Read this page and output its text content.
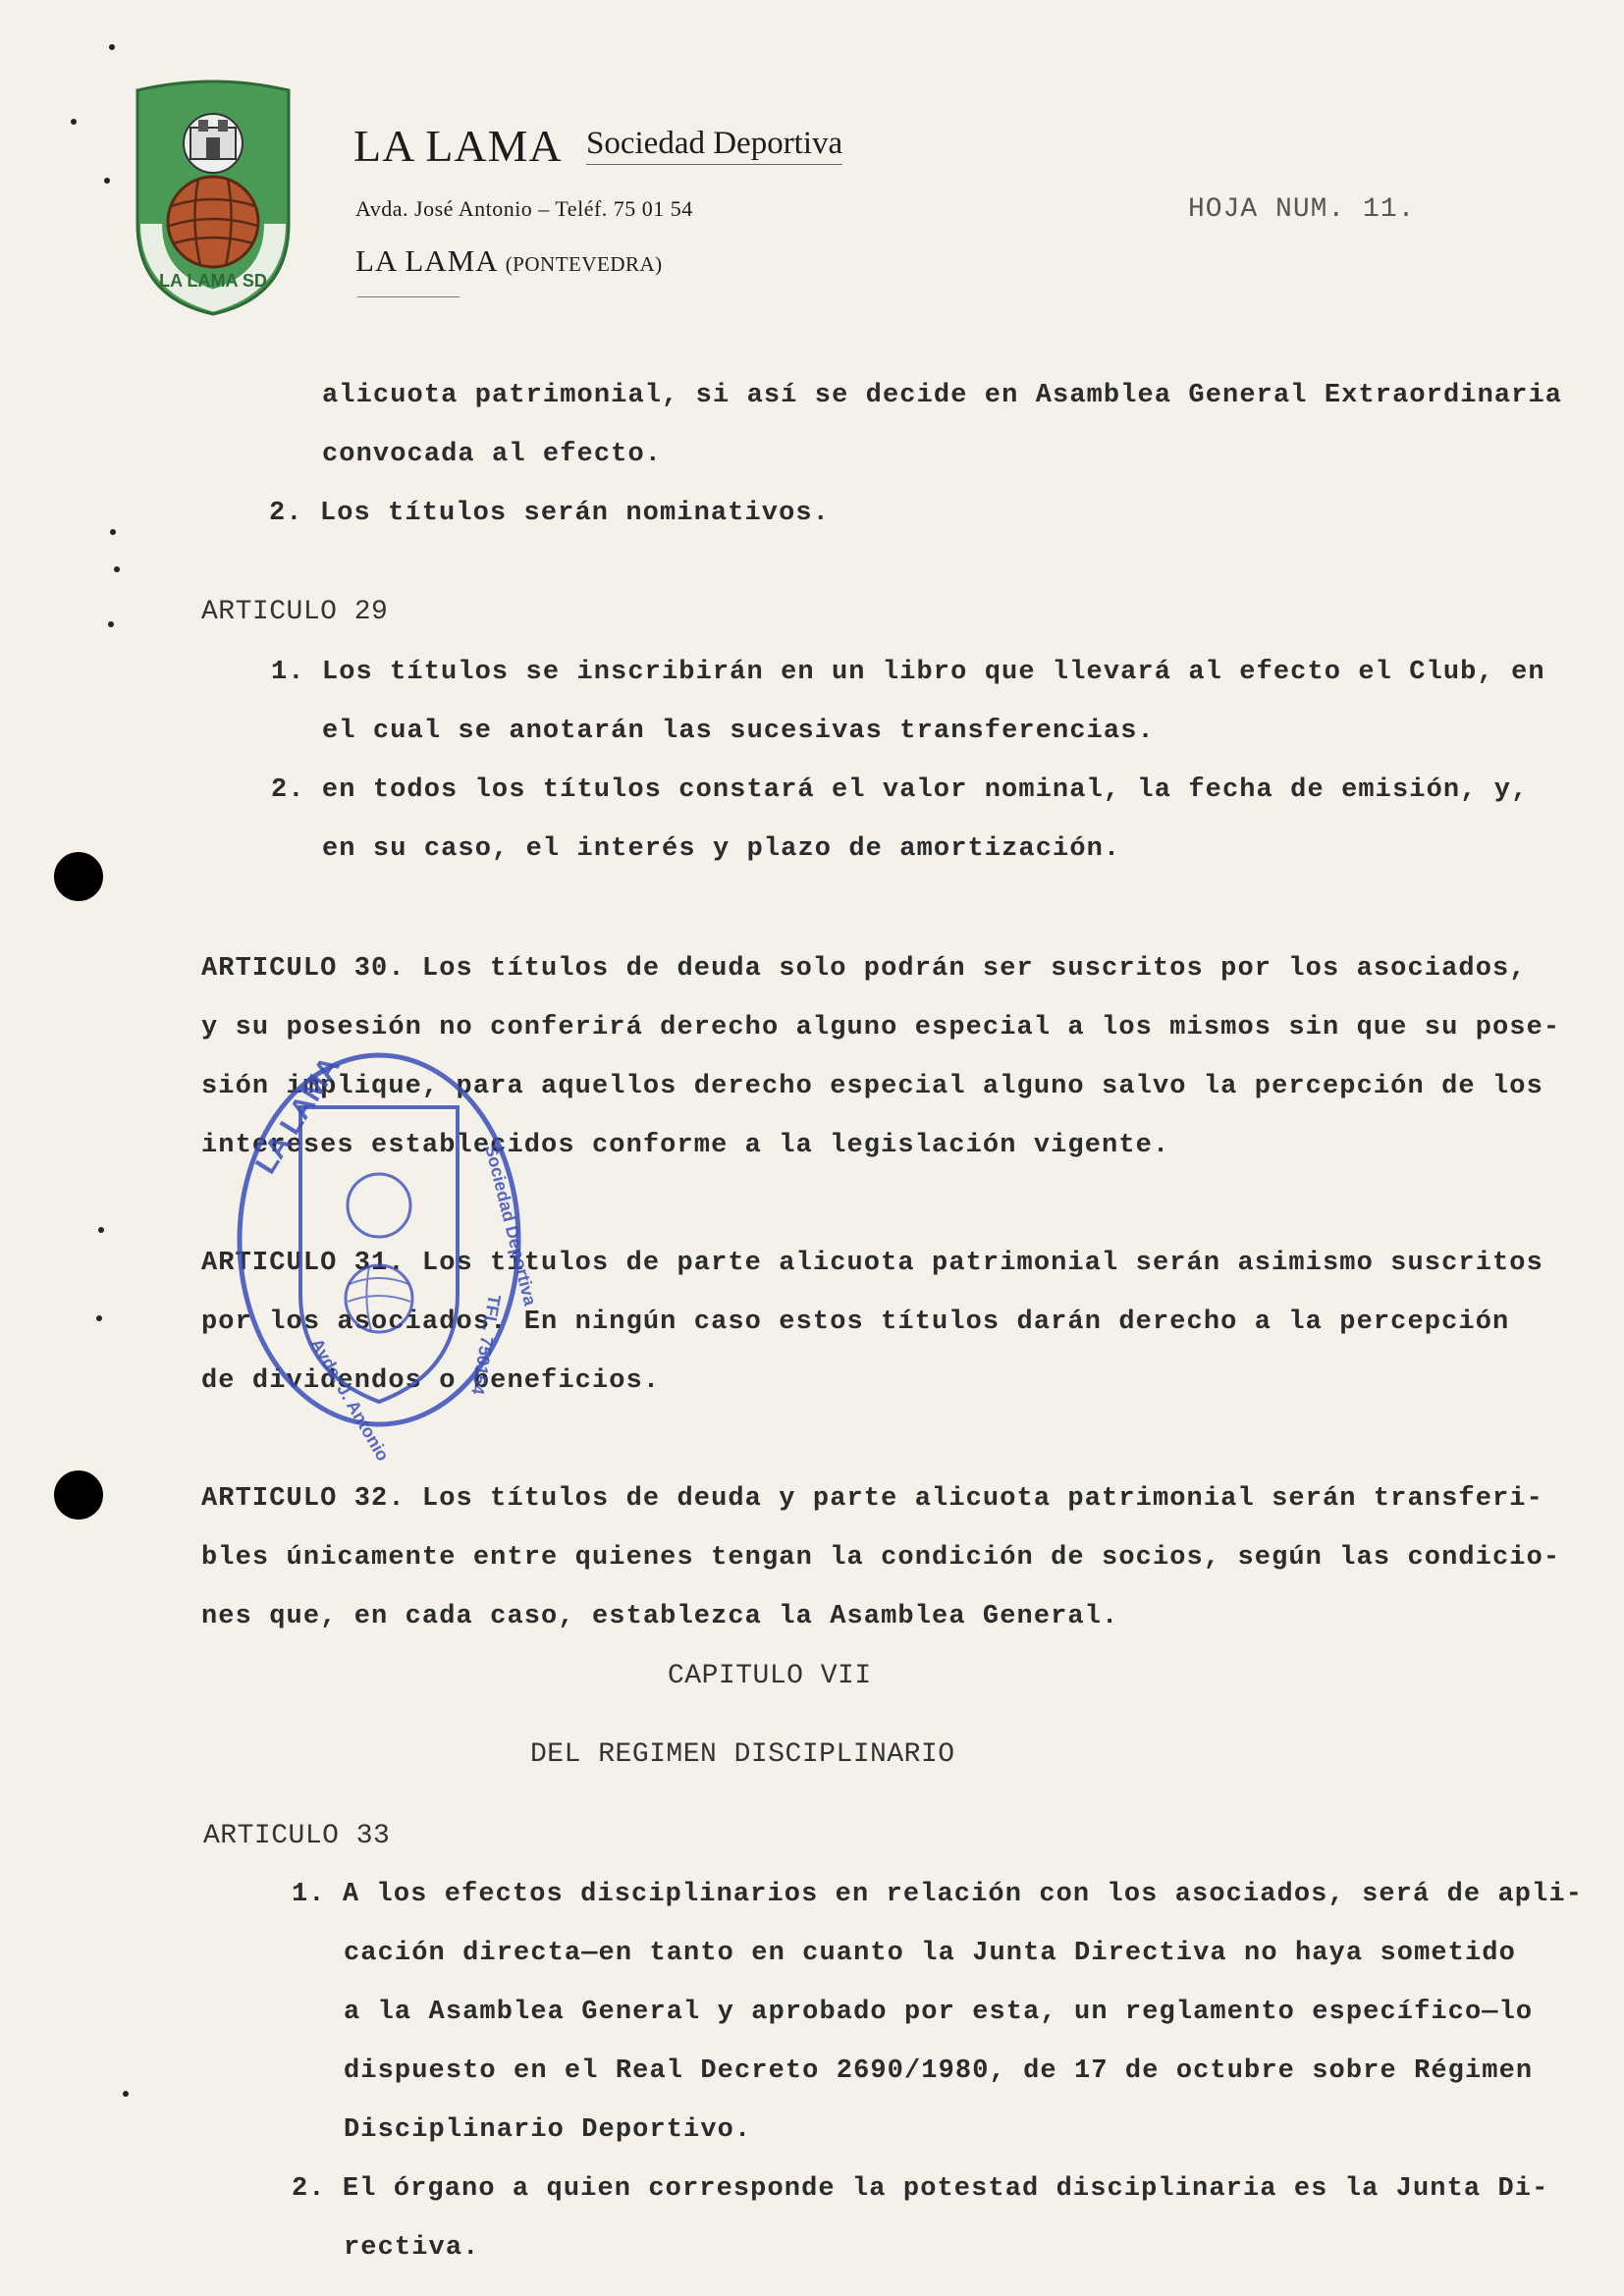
LA LAMA SD
LA LAMA Sociedad Deportiva
Avda. José Antonio – Teléf. 75 01 54
LA LAMA (PONTEVEDRA)
HOJA NUM. 11.
alicuota patrimonial, si así se decide en Asamblea General Extraordinaria
convocada al efecto.
2. Los títulos serán nominativos.
ARTICULO 29
1. Los títulos se inscribirán en un libro que llevará al efecto el Club, en
el cual se anotarán las sucesivas transferencias.
2. en todos los títulos constará el valor nominal, la fecha de emisión, y,
en su caso, el interés y plazo de amortización.
ARTICULO 30. Los títulos de deuda solo podrán ser suscritos por los asociados,
y su posesión no conferirá derecho alguno especial a los mismos sin que su pose-
sión implique, para aquellos derecho especial alguno salvo la percepción de los
intereses establecidos conforme a la legislación vigente.
ARTICULO 31. Los títulos de parte alicuota patrimonial serán asimismo suscritos
por los asociados. En ningún caso estos títulos darán derecho a la percepción
de dividendos o beneficios.
ARTICULO 32. Los títulos de deuda y parte alicuota patrimonial serán transferi-
bles únicamente entre quienes tengan la condición de socios, según las condicio-
nes que, en cada caso, establezca la Asamblea General.
CAPITULO VII
DEL REGIMEN DISCIPLINARIO
ARTICULO 33
1. A los efectos disciplinarios en relación con los asociados, será de apli-
cación directa—en tanto en cuanto la Junta Directiva no haya sometido
a la Asamblea General y aprobado por esta, un reglamento específico—lo
dispuesto en el Real Decreto 2690/1980, de 17 de octubre sobre Régimen
Disciplinario Deportivo.
2. El órgano a quien corresponde la potestad disciplinaria es la Junta Di-
rectiva.
LA LAMA
Sociedad Deportiva
TFL. 750154
Avda. J. Antonio
